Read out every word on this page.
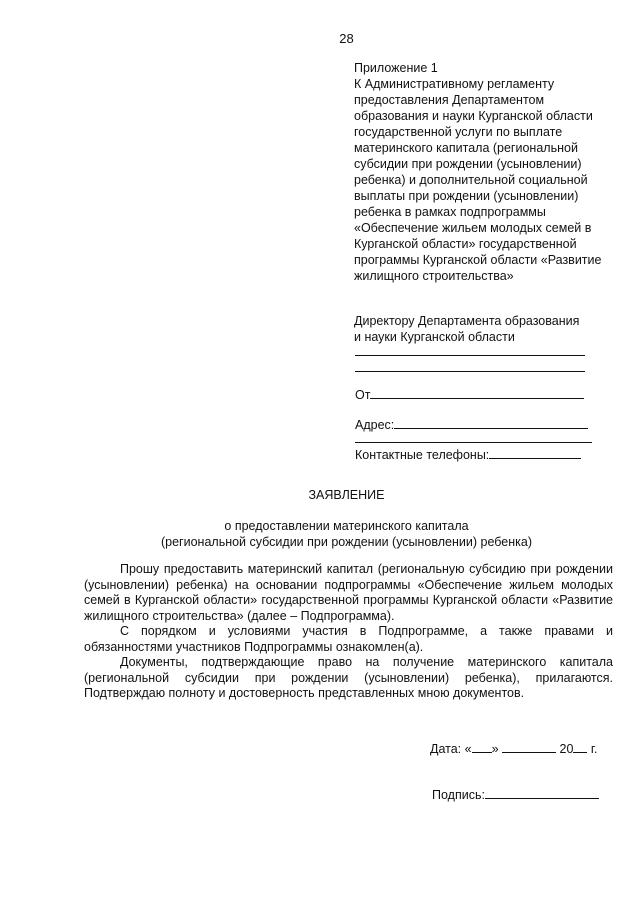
28
Приложение 1
К Административному регламенту
предоставления Департаментом
образования и науки Курганской области
государственной услуги по выплате
материнского капитала (региональной
субсидии при рождении (усыновлении)
ребенка) и дополнительной социальной
выплаты при рождении (усыновлении)
ребенка в рамках подпрограммы
«Обеспечение жильем молодых семей в
Курганской области» государственной
программы Курганской области «Развитие
жилищного строительства»
Директору Департамента образования
и науки Курганской области
От
Адрес:
Контактные телефоны:
ЗАЯВЛЕНИЕ
о предоставлении материнского капитала
(региональной субсидии при рождении (усыновлении) ребенка)

Прошу предоставить материнский капитал (региональную субсидию при рождении (усыновлении) ребенка) на основании подпрограммы «Обеспечение жильем молодых семей в Курганской области» государственной программы Курганской области «Развитие жилищного строительства» (далее – Подпрограмма).

С порядком и условиями участия в Подпрограмме, а также правами и обязанностями участников Подпрограммы ознакомлен(а).

Документы, подтверждающие право на получение материнского капитала (региональной субсидии при рождении (усыновлении) ребенка), прилагаются. Подтверждаю полноту и достоверность представленных мною документов.

Дата: « »	20 г.
Подпись:
